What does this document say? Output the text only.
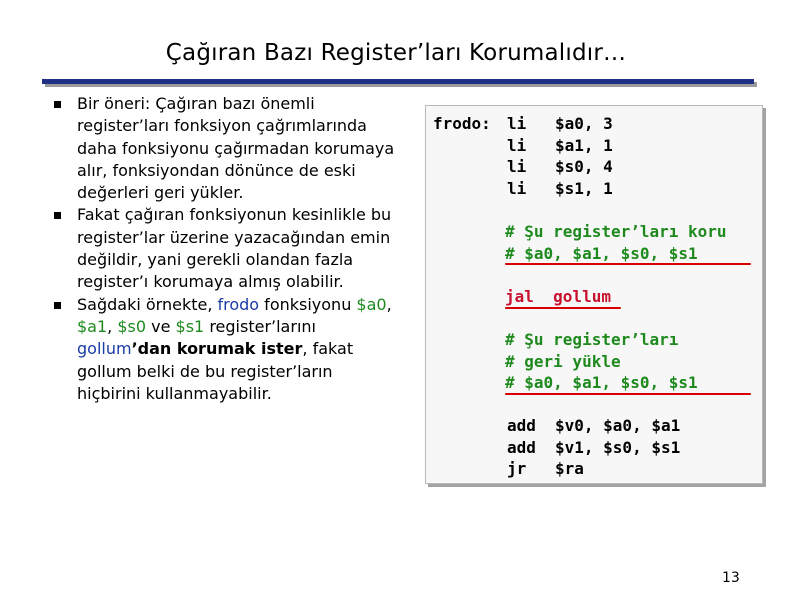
Çağıran Bazı Register’ları Korumalıdır…
Bir öneri: Çağıran bazı önemli register’ları fonksiyon çağrımlarında daha fonksiyonu çağırmadan korumaya alır, fonksiyondan dönünce de eski değerleri geri yükler.
Fakat çağıran fonksiyonun kesinlikle bu register’lar üzerine yazacağından emin değildir, yani gerekli olandan fazla register’ı korumaya almış olabilir.
Sağdaki örnekte, frodo fonksiyonu $a0, $a1, $s0 ve $s1 register’larını gollum’dan korumak ister, fakat gollum belki de bu register’ların hiçbirini kullanmayabilir.
frodo: li
li
li
li
$a0, 3
$a1, 1
$s0, 4
$s1, 1
# Şu register’ları koru
# $a0, $a1, $s0, $s1
jal  gollum
# Şu register’ları
# geri yükle
# $a0, $a1, $s0, $s1
add
add
jr
$v0, $a0, $a1
$v1, $s0, $s1
$ra
13
